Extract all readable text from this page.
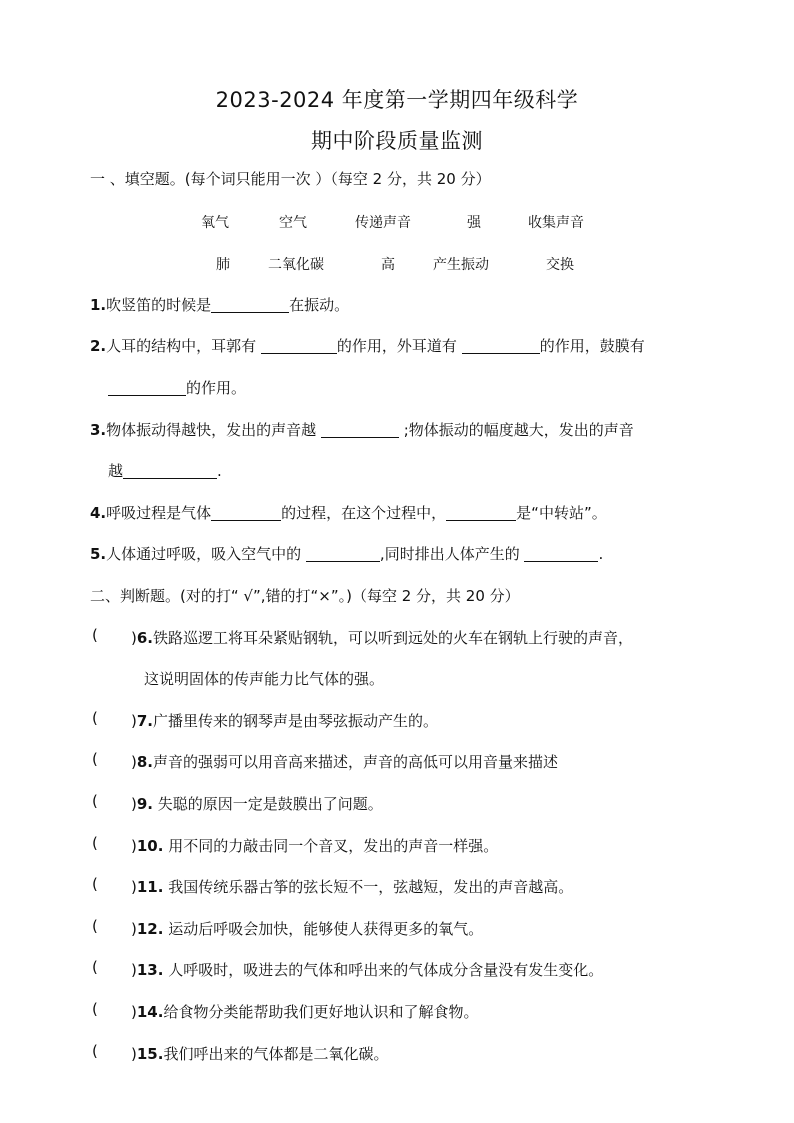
2023-2024 年度第一学期四年级科学
期中阶段质量监测
一 、填空题。(每个词只能用一次 ）（每空 2 分，共 20 分）
氧气	空气	传递声音	强	收集声音
肺	二氧化碳	高	产生振动	交换
1.吹竖笛的时候是	在振动。
2.人耳的结构中，耳郭有	的作用，外耳道有	的作用，鼓膜有
的作用。
3.物体振动得越快，发出的声音越	;物体振动的幅度越大，发出的声音
越	.
4.呼吸过程是气体	的过程，在这个过程中，	是“中转站”。
5.人体通过呼吸，吸入空气中的	,同时排出人体产生的	.
二、判断题。(对的打“ √”,错的打“×”。)（每空 2 分，共 20 分）
( )6.铁路巡逻工将耳朵紧贴钢轨，可以听到远处的火车在钢轨上行驶的声音，
这说明固体的传声能力比气体的强。
( )7.广播里传来的钢琴声是由琴弦振动产生的。
( )8.声音的强弱可以用音高来描述，声音的高低可以用音量来描述
( )9. 失聪的原因一定是鼓膜出了问题。
( )10. 用不同的力敲击同一个音叉，发出的声音一样强。
( )11. 我国传统乐器古筝的弦长短不一，弦越短，发出的声音越高。
( )12. 运动后呼吸会加快，能够使人获得更多的氧气。
( )13. 人呼吸时，吸进去的气体和呼出来的气体成分含量没有发生变化。
( )14.给食物分类能帮助我们更好地认识和了解食物。
( )15.我们呼出来的气体都是二氧化碳。
